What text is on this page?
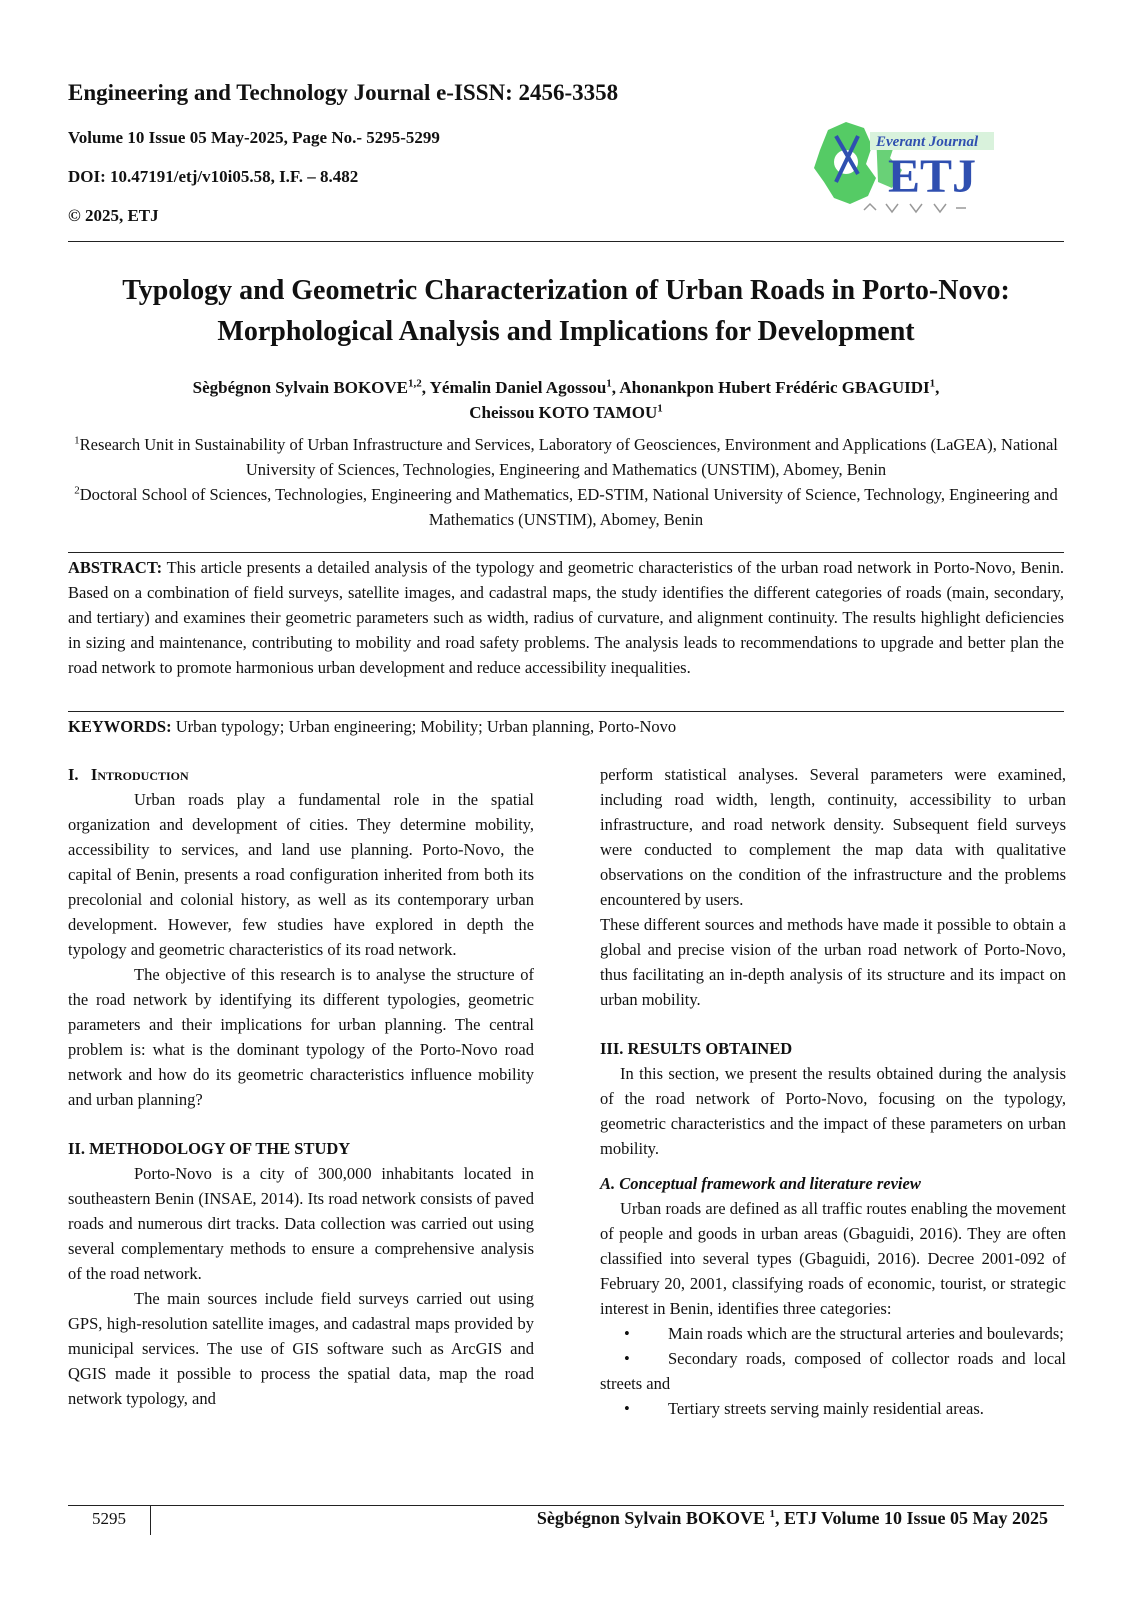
Engineering and Technology Journal e-ISSN: 2456-3358
Volume 10 Issue 05 May-2025, Page No.- 5295-5299
DOI: 10.47191/etj/v10i05.58, I.F. – 8.482
© 2025, ETJ
Everant Journal
ETJ
Typology and Geometric Characterization of Urban Roads in Porto-Novo:
Morphological Analysis and Implications for Development
Sègbégnon Sylvain BOKOVE$^{1,2}$, Yémalin Daniel Agossou$^1$, Ahonankpon Hubert Frédéric GBAGUIDI$^1$,
Cheissou KOTO TAMOU$^1$
$^1$Research Unit in Sustainability of Urban Infrastructure and Services, Laboratory of Geosciences, Environment and Applications (LaGEA), National University of Sciences, Technologies, Engineering and Mathematics (UNSTIM), Abomey, Benin
$^2$Doctoral School of Sciences, Technologies, Engineering and Mathematics, ED-STIM, National University of Science, Technology, Engineering and Mathematics (UNSTIM), Abomey, Benin
ABSTRACT: This article presents a detailed analysis of the typology and geometric characteristics of the urban road network in Porto-Novo, Benin. Based on a combination of field surveys, satellite images, and cadastral maps, the study identifies the different categories of roads (main, secondary, and tertiary) and examines their geometric parameters such as width, radius of curvature, and alignment continuity. The results highlight deficiencies in sizing and maintenance, contributing to mobility and road safety problems. The analysis leads to recommendations to upgrade and better plan the road network to promote harmonious urban development and reduce accessibility inequalities.
KEYWORDS: Urban typology; Urban engineering; Mobility; Urban planning, Porto-Novo

I. Introduction

Urban roads play a fundamental role in the spatial organization and development of cities. They determine mobility, accessibility to services, and land use planning. Porto-Novo, the capital of Benin, presents a road configuration inherited from both its precolonial and colonial history, as well as its contemporary urban development. However, few studies have explored in depth the typology and geometric characteristics of its road network.

The objective of this research is to analyse the structure of the road network by identifying its different typologies, geometric parameters and their implications for urban planning. The central problem is: what is the dominant typology of the Porto-Novo road network and how do its geometric characteristics influence mobility and urban planning?

II. METHODOLOGY OF THE STUDY

Porto-Novo is a city of 300,000 inhabitants located in southeastern Benin (INSAE, 2014). Its road network consists of paved roads and numerous dirt tracks. Data collection was carried out using several complementary methods to ensure a comprehensive analysis of the road network.

The main sources include field surveys carried out using GPS, high-resolution satellite images, and cadastral maps provided by municipal services. The use of GIS software such as ArcGIS and QGIS made it possible to process the spatial data, map the road network typology, and

perform statistical analyses. Several parameters were examined, including road width, length, continuity, accessibility to urban infrastructure, and road network density. Subsequent field surveys were conducted to complement the map data with qualitative observations on the condition of the infrastructure and the problems encountered by users.

These different sources and methods have made it possible to obtain a global and precise vision of the urban road network of Porto-Novo, thus facilitating an in-depth analysis of its structure and its impact on urban mobility.

III. RESULTS OBTAINED

In this section, we present the results obtained during the analysis of the road network of Porto-Novo, focusing on the typology, geometric characteristics and the impact of these parameters on urban mobility.

A. Conceptual framework and literature review

Urban roads are defined as all traffic routes enabling the movement of people and goods in urban areas (Gbaguidi, 2016). They are often classified into several types (Gbaguidi, 2016). Decree 2001-092 of February 20, 2001, classifying roads of economic, tourist, or strategic interest in Benin, identifies three categories:

• Main roads which are the structural arteries and boulevards;

• Secondary roads, composed of collector roads and local streets and

• Tertiary streets serving mainly residential areas.

5295	Sègbégnon Sylvain BOKOVE $^1$, ETJ Volume 10 Issue 05 May 2025
